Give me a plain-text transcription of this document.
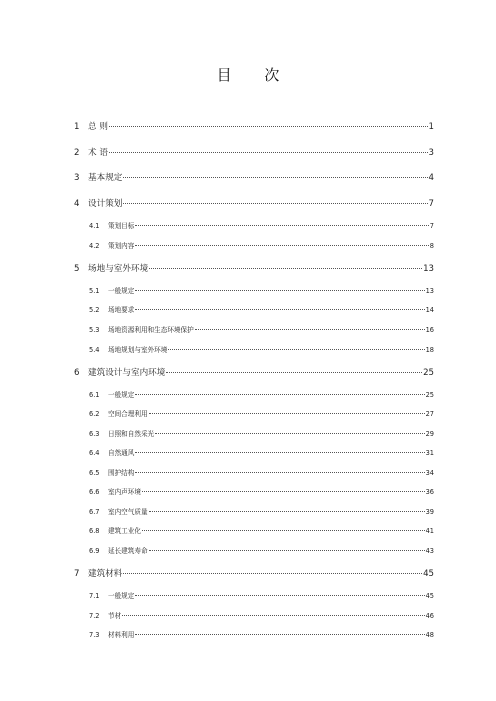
目 次
1 总 则	1
2 术 语	3
3 基本规定	4
4 设计策划	7
4.1	策划目标	7
4.2	策划内容	8
5 场地与室外环境	13
5.1	一般规定	13
5.2	场地要求	14
5.3	场地资源利用和生态环境保护	16
5.4	场地规划与室外环境	18
6 建筑设计与室内环境	25
6.1	一般规定	25
6.2	空间合理利用	27
6.3	日照和自然采光	29
6.4	自然通风	31
6.5	围护结构	34
6.6	室内声环境	36
6.7	室内空气质量	39
6.8	建筑工业化	41
6.9	延长建筑寿命	43
7 建筑材料	45
7.1	一般规定	45
7.2	节材	46
7.3	材料利用	48
